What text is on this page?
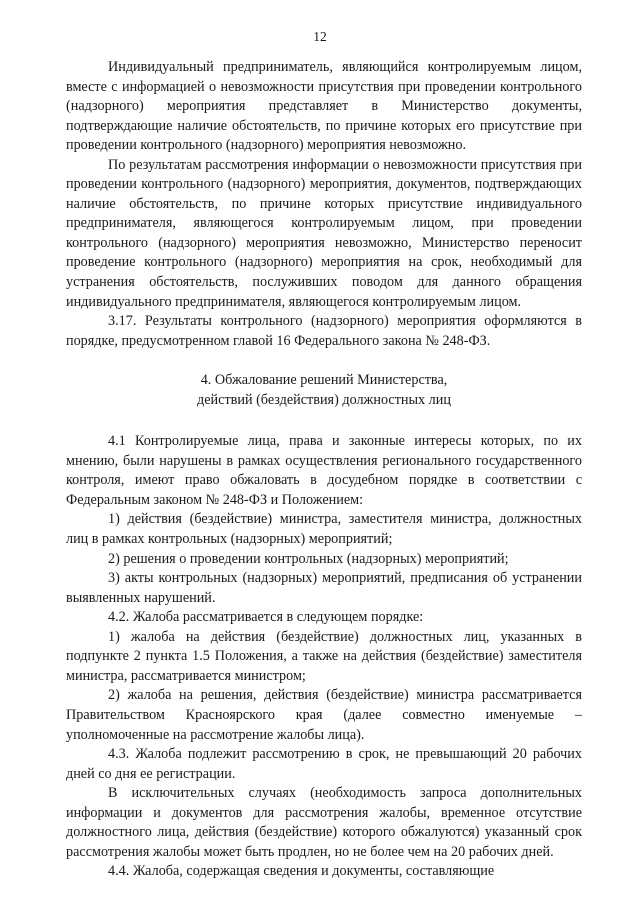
12

Индивидуальный предприниматель, являющийся контролируемым лицом, вместе с информацией о невозможности присутствия при проведении контрольного (надзорного) мероприятия представляет в Министерство документы, подтверждающие наличие обстоятельств, по причине которых его присутствие при проведении контрольного (надзорного) мероприятия невозможно.

По результатам рассмотрения информации о невозможности присутствия при проведении контрольного (надзорного) мероприятия, документов, подтверждающих наличие обстоятельств, по причине которых присутствие индивидуального предпринимателя, являющегося контролируемым лицом, при проведении контрольного (надзорного) мероприятия невозможно, Министерство переносит проведение контрольного (надзорного) мероприятия на срок, необходимый для устранения обстоятельств, послуживших поводом для данного обращения индивидуального предпринимателя, являющегося контролируемым лицом.

3.17. Результаты контрольного (надзорного) мероприятия оформляются в порядке, предусмотренном главой 16 Федерального закона № 248-ФЗ.

4. Обжалование решений Министерства,
действий (бездействия) должностных лиц

4.1 Контролируемые лица, права и законные интересы которых, по их мнению, были нарушены в рамках осуществления регионального государственного контроля, имеют право обжаловать в досудебном порядке в соответствии с Федеральным законом № 248-ФЗ и Положением:

1) действия (бездействие) министра, заместителя министра, должностных лиц в рамках контрольных (надзорных) мероприятий;

2) решения о проведении контрольных (надзорных) мероприятий;

3) акты контрольных (надзорных) мероприятий, предписания об устранении выявленных нарушений.

4.2. Жалоба рассматривается в следующем порядке:

1) жалоба на действия (бездействие) должностных лиц, указанных в подпункте 2 пункта 1.5 Положения, а также на действия (бездействие) заместителя министра, рассматривается министром;

2) жалоба на решения, действия (бездействие) министра рассматривается Правительством Красноярского края (далее совместно именуемые – уполномоченные на рассмотрение жалобы лица).

4.3. Жалоба подлежит рассмотрению в срок, не превышающий 20 рабочих дней со дня ее регистрации.

В исключительных случаях (необходимость запроса дополнительных информации и документов для рассмотрения жалобы, временное отсутствие должностного лица, действия (бездействие) которого обжалуются) указанный срок рассмотрения жалобы может быть продлен, но не более чем на 20 рабочих дней.

4.4. Жалоба, содержащая сведения и документы, составляющие
